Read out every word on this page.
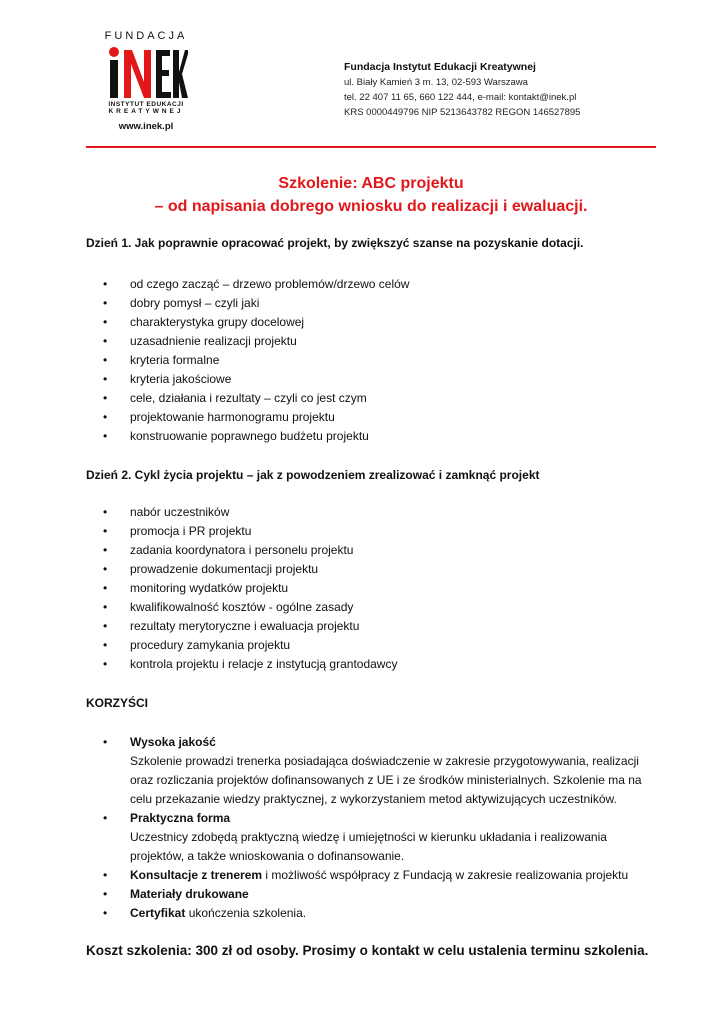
FUNDACJA
INSTYTUT EDUKACJI
KREATYWNEJ
www.inek.pl
Fundacja Instytut Edukacji Kreatywnej
ul. Biały Kamień 3 m. 13, 02-593 Warszawa
tel. 22 407 11 65, 660 122 444, e-mail: kontakt@inek.pl
KRS 0000449796 NIP 5213643782 REGON 146527895
Szkolenie: ABC projektu
– od napisania dobrego wniosku do realizacji i ewaluacji.

Dzień 1. Jak poprawnie opracować projekt, by zwiększyć szanse na pozyskanie dotacji.

• od czego zacząć – drzewo problemów/drzewo celów
• dobry pomysł – czyli jaki
• charakterystyka grupy docelowej
• uzasadnienie realizacji projektu
• kryteria formalne
• kryteria jakościowe
• cele, działania i rezultaty – czyli co jest czym
• projektowanie harmonogramu projektu
• konstruowanie poprawnego budżetu projektu

Dzień 2. Cykl życia projektu – jak z powodzeniem zrealizować i zamknąć projekt

• nabór uczestników
• promocja i PR projektu
• zadania koordynatora i personelu projektu
• prowadzenie dokumentacji projektu
• monitoring wydatków projektu
• kwalifikowalność kosztów - ogólne zasady
• rezultaty merytoryczne i ewaluacja projektu
• procedury zamykania projektu
• kontrola projektu i relacje z instytucją grantodawcy

KORZYŚCI

• Wysoka jakość
Szkolenie prowadzi trenerka posiadająca doświadczenie w zakresie przygotowywania, realizacji
oraz rozliczania projektów dofinansowanych z UE i ze środków ministerialnych. Szkolenie ma na
celu przekazanie wiedzy praktycznej, z wykorzystaniem metod aktywizujących uczestników.
• Praktyczna forma
Uczestnicy zdobędą praktyczną wiedzę i umiejętności w kierunku układania i realizowania
projektów, a także wnioskowania o dofinansowanie.
• Konsultacje z trenerem i możliwość współpracy z Fundacją w zakresie realizowania projektu
• Materiały drukowane
• Certyfikat ukończenia szkolenia.

Koszt szkolenia: 300 zł od osoby. Prosimy o kontakt w celu ustalenia terminu szkolenia.
